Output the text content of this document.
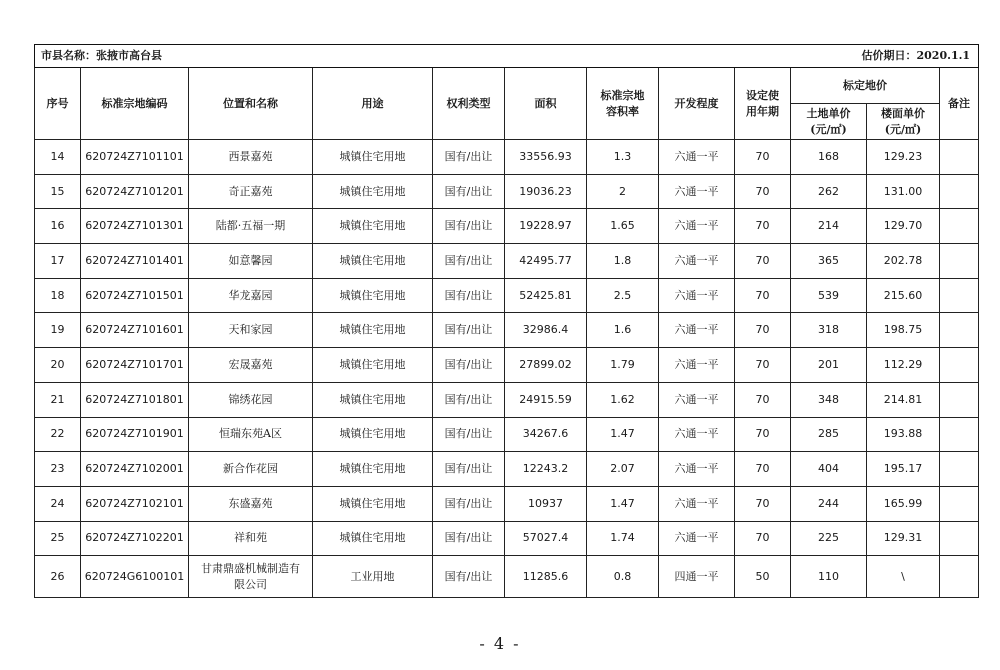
市县名称：张掖市高台县 估价期日：2020.1.1											

序号	标准宗地编码	位置和名称	用途	权利类型	面积	标准宗地容积率	开发程度	设定使用年期	标定地价		备注
									土地单价(元/㎡)	楼面单价(元/㎡)	
14	620724Z7101101	西景嘉苑	城镇住宅用地	国有/出让	33556.93	1.3	六通一平	70	168	129.23	
15	620724Z7101201	奇正嘉苑	城镇住宅用地	国有/出让	19036.23	2	六通一平	70	262	131.00	
16	620724Z7101301	陆都·五福一期	城镇住宅用地	国有/出让	19228.97	1.65	六通一平	70	214	129.70	
17	620724Z7101401	如意馨园	城镇住宅用地	国有/出让	42495.77	1.8	六通一平	70	365	202.78	
18	620724Z7101501	华龙嘉园	城镇住宅用地	国有/出让	52425.81	2.5	六通一平	70	539	215.60	
19	620724Z7101601	天和家园	城镇住宅用地	国有/出让	32986.4	1.6	六通一平	70	318	198.75	
20	620724Z7101701	宏晟嘉苑	城镇住宅用地	国有/出让	27899.02	1.79	六通一平	70	201	112.29	
21	620724Z7101801	锦绣花园	城镇住宅用地	国有/出让	24915.59	1.62	六通一平	70	348	214.81	
22	620724Z7101901	恒瑞东苑A区	城镇住宅用地	国有/出让	34267.6	1.47	六通一平	70	285	193.88	
23	620724Z7102001	新合作花园	城镇住宅用地	国有/出让	12243.2	2.07	六通一平	70	404	195.17	
24	620724Z7102101	东盛嘉苑	城镇住宅用地	国有/出让	10937	1.47	六通一平	70	244	165.99	
25	620724Z7102201	祥和苑	城镇住宅用地	国有/出让	57027.4	1.74	六通一平	70	225	129.31	
26	620724G6100101	甘肃鼎盛机械制造有限公司	工业用地	国有/出让	11285.6	0.8	四通一平	50	110	\	
- 4 -
